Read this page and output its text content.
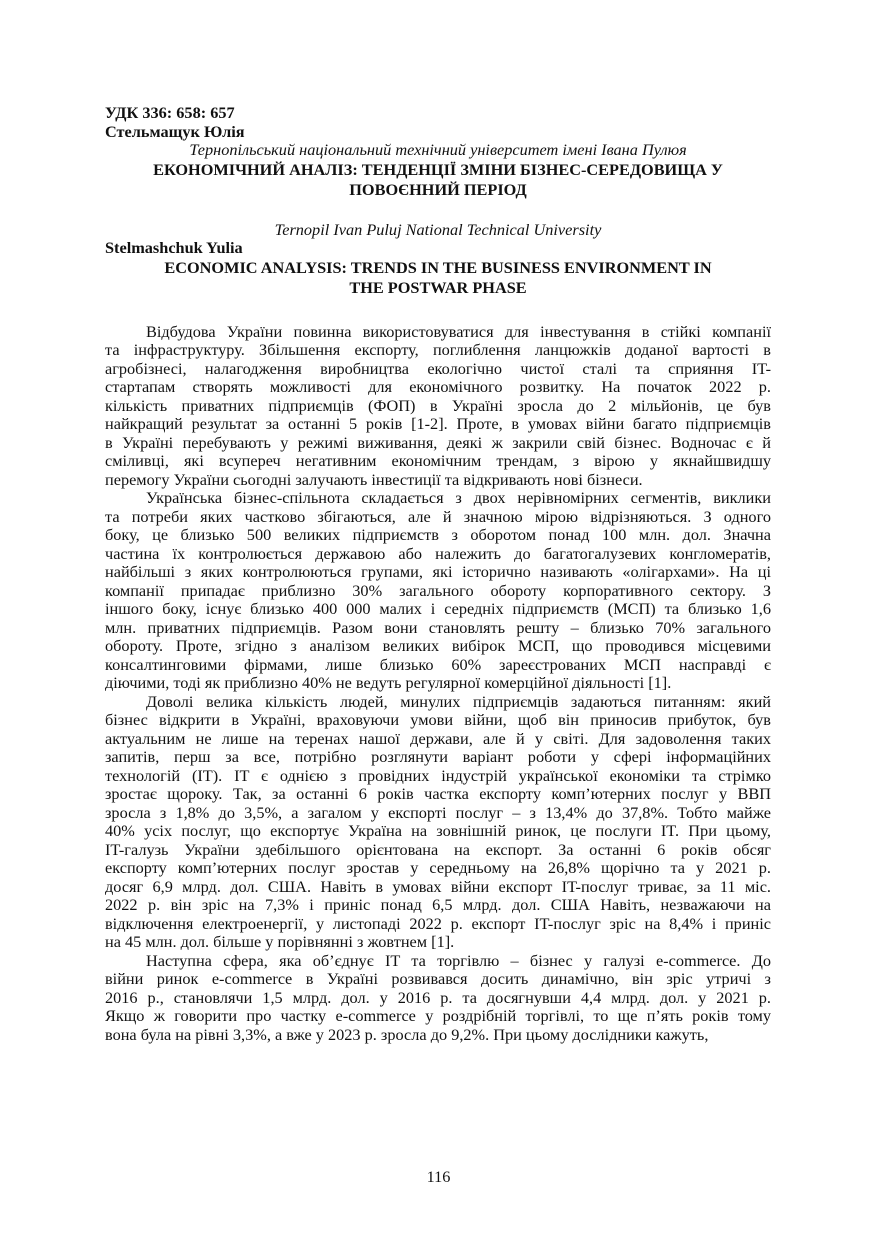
УДК 336: 658: 657
Стельмащук Юлія
Тернопільський національний технічний університет імені Івана Пулюя
ЕКОНОМІЧНИЙ АНАЛІЗ: ТЕНДЕНЦІЇ ЗМІНИ БІЗНЕС-СЕРЕДОВИЩА У
ПОВОЄННИЙ ПЕРІОД
Ternopil Ivan Puluj National Technical University
Stelmashchuk Yulia
ECONOMIC ANALYSIS: TRENDS IN THE BUSINESS ENVIRONMENT IN
THE POSTWAR PHASE

Відбудова України повинна використовуватися для інвестування в стійкі компанії
та інфраструктуру. Збільшення експорту, поглиблення ланцюжків доданої вартості в
агробізнесі, налагодження виробництва екологічно чистої сталі та сприяння IT-
стартапам створять можливості для економічного розвитку. На початок 2022 р.
кількість приватних підприємців (ФОП) в Україні зросла до 2 мільйонів, це був
найкращий результат за останні 5 років [1-2]. Проте, в умовах війни багато підприємців
в Україні перебувають у режимі виживання, деякі ж закрили свій бізнес. Водночас є й
сміливці, які всупереч негативним економічним трендам, з вірою у якнайшвидшу
перемогу України сьогодні залучають інвестиції та відкривають нові бізнеси.

Українська бізнес-спільнота складається з двох нерівномірних сегментів, виклики
та потреби яких частково збігаються, але й значною мірою відрізняються. З одного
боку, це близько 500 великих підприємств з оборотом понад 100 млн. дол. Значна
частина їх контролюється державою або належить до багатогалузевих конгломератів,
найбільші з яких контролюються групами, які історично називають «олігархами». На ці
компанії припадає приблизно 30% загального обороту корпоративного сектору. З
іншого боку, існує близько 400 000 малих і середніх підприємств (МСП) та близько 1,6
млн. приватних підприємців. Разом вони становлять решту – близько 70% загального
обороту. Проте, згідно з аналізом великих вибірок МСП, що проводився місцевими
консалтинговими фірмами, лише близько 60% зареєстрованих МСП насправді є
діючими, тоді як приблизно 40% не ведуть регулярної комерційної діяльності [1].

Доволі велика кількість людей, минулих підприємців задаються питанням: який
бізнес відкрити в Україні, враховуючи умови війни, щоб він приносив прибуток, був
актуальним не лише на теренах нашої держави, але й у світі. Для задоволення таких
запитів, перш за все, потрібно розглянути варіант роботи у сфері інформаційних
технологій (IT). IT є однією з провідних індустрій української економіки та стрімко
зростає щороку. Так, за останні 6 років частка експорту комп’ютерних послуг у ВВП
зросла з 1,8% до 3,5%, а загалом у експорті послуг – з 13,4% до 37,8%. Тобто майже
40% усіх послуг, що експортує Україна на зовнішній ринок, це послуги IT. При цьому,
IT-галузь України здебільшого орієнтована на експорт. За останні 6 років обсяг
експорту комп’ютерних послуг зростав у середньому на 26,8% щорічно та у 2021 р.
досяг 6,9 млрд. дол. США. Навіть в умовах війни експорт IT-послуг триває, за 11 міс.
2022 р. він зріс на 7,3% і приніс понад 6,5 млрд. дол. США Навіть, незважаючи на
відключення електроенергії, у листопаді 2022 р. експорт IT-послуг зріс на 8,4% і приніс
на 45 млн. дол. більше у порівнянні з жовтнем [1].

Наступна сфера, яка об’єднує IT та торгівлю – бізнес у галузі e-commerce. До
війни ринок e-commerce в Україні розвивався досить динамічно, він зріс утричі з
2016 р., становлячи 1,5 млрд. дол. у 2016 р. та досягнувши 4,4 млрд. дол. у 2021 р.
Якщо ж говорити про частку e-commerce у роздрібній торгівлі, то ще п’ять років тому
вона була на рівні 3,3%, а вже у 2023 р. зросла до 9,2%. При цьому дослідники кажуть,

116
